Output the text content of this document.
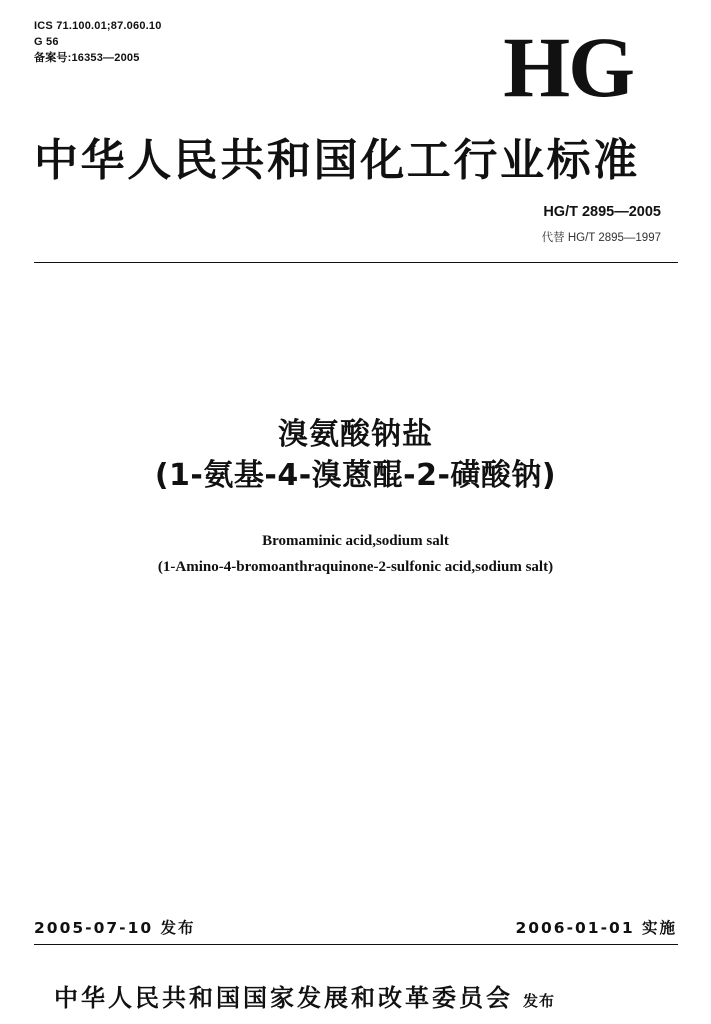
ICS 71.100.01;87.060.10
G 56
备案号:16353—2005	HG
中华人民共和国化工行业标准
HG/T 2895—2005
代替 HG/T 2895—1997
溴氨酸钠盐
(1-氨基-4-溴蒽醌-2-磺酸钠)
Bromaminic acid,sodium salt
(1-Amino-4-bromoanthraquinone-2-sulfonic acid,sodium salt)
2005-07-10 发布	2006-01-01 实施
中华人民共和国国家发展和改革委员会 发布
